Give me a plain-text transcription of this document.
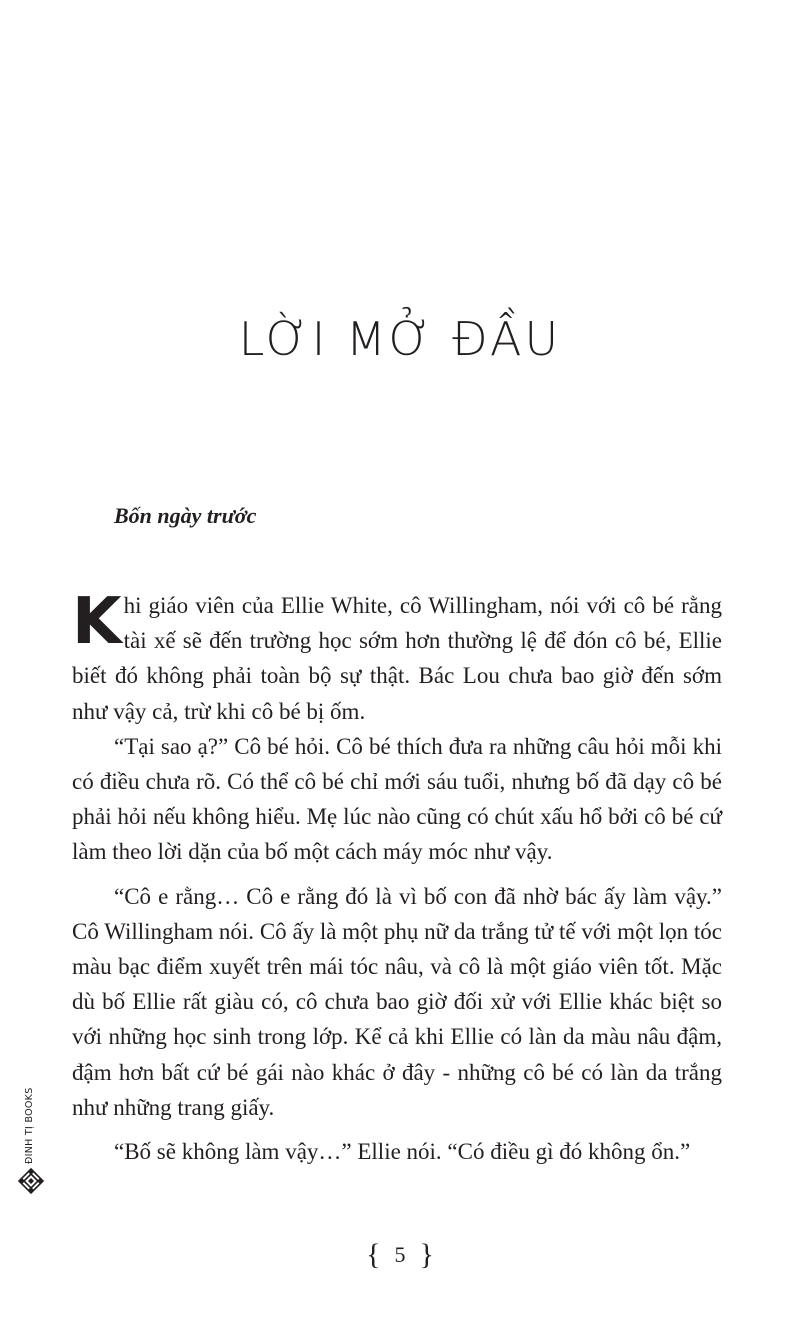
LỜI MỞ ĐẦU
Bốn ngày trước

Khi giáo viên của Ellie White, cô Willingham, nói với cô bé rằng tài xế sẽ đến trường học sớm hơn thường lệ để đón cô bé, Ellie biết đó không phải toàn bộ sự thật. Bác Lou chưa bao giờ đến sớm như vậy cả, trừ khi cô bé bị ốm.

“Tại sao ạ?” Cô bé hỏi. Cô bé thích đưa ra những câu hỏi mỗi khi có điều chưa rõ. Có thể cô bé chỉ mới sáu tuổi, nhưng bố đã dạy cô bé phải hỏi nếu không hiểu. Mẹ lúc nào cũng có chút xấu hổ bởi cô bé cứ làm theo lời dặn của bố một cách máy móc như vậy.

“Cô e rằng… Cô e rằng đó là vì bố con đã nhờ bác ấy làm vậy.” Cô Willingham nói. Cô ấy là một phụ nữ da trắng tử tế với một lọn tóc màu bạc điểm xuyết trên mái tóc nâu, và cô là một giáo viên tốt. Mặc dù bố Ellie rất giàu có, cô chưa bao giờ đối xử với Ellie khác biệt so với những học sinh trong lớp. Kể cả khi Ellie có làn da màu nâu đậm, đậm hơn bất cứ bé gái nào khác ở đây - những cô bé có làn da trắng như những trang giấy.

“Bố sẽ không làm vậy…” Ellie nói. “Có điều gì đó không ổn.”

{ 5 }
ĐINH TỊ BOOKS
